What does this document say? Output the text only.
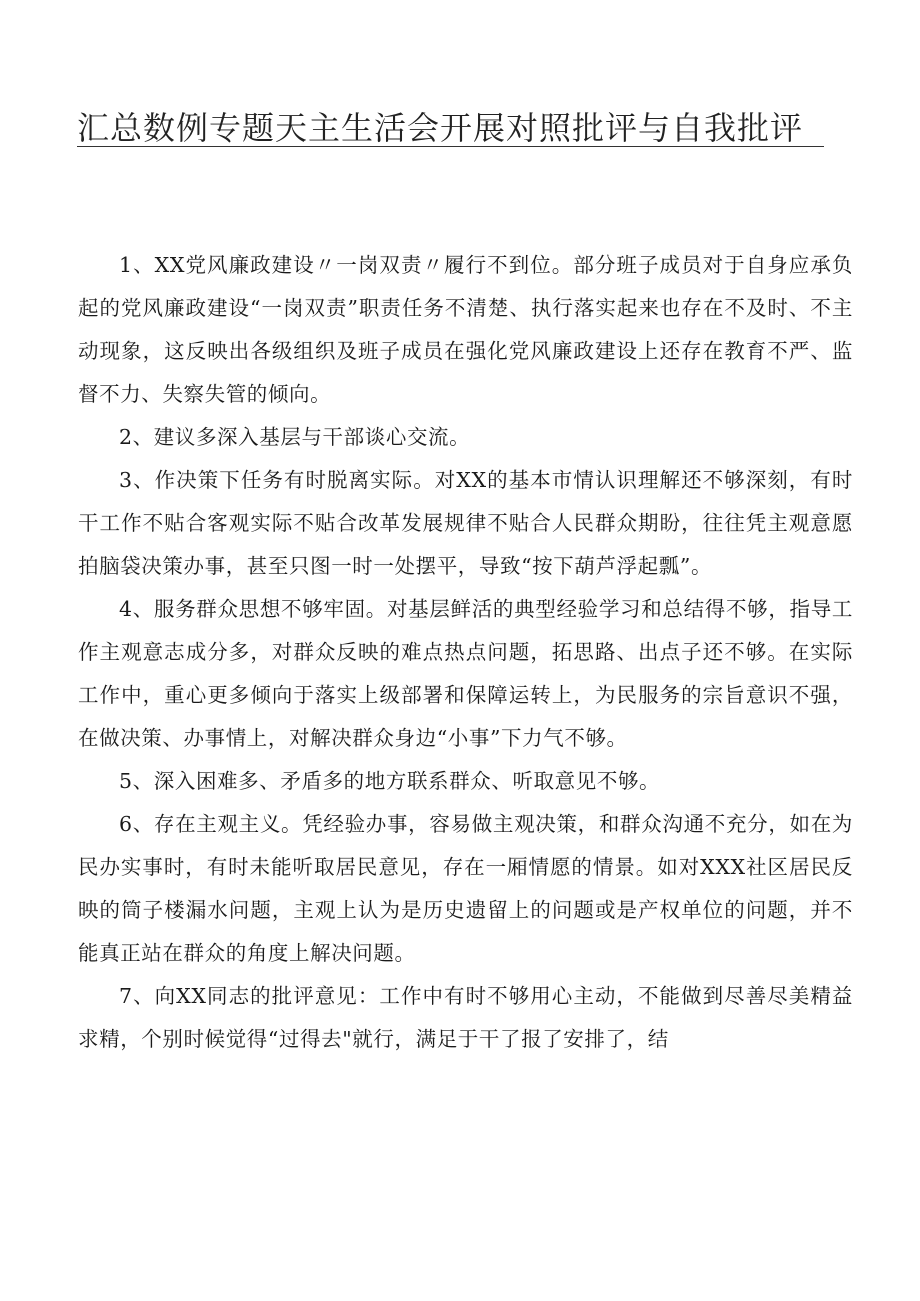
汇总数例专题天主生活会开展对照批评与自我批评

1、XX党风廉政建设〃一岗双责〃履行不到位。部分班子成员对于自身应承负起的党风廉政建设“一岗双责”职责任务不清楚、执行落实起来也存在不及时、不主动现象，这反映出各级组织及班子成员在强化党风廉政建设上还存在教育不严、监督不力、失察失管的倾向。

2、建议多深入基层与干部谈心交流。

3、作决策下任务有时脱离实际。对XX的基本市情认识理解还不够深刻，有时干工作不贴合客观实际不贴合改革发展规律不贴合人民群众期盼，往往凭主观意愿拍脑袋决策办事，甚至只图一时一处摆平，导致“按下葫芦浮起瓢”。

4、服务群众思想不够牢固。对基层鲜活的典型经验学习和总结得不够，指导工作主观意志成分多，对群众反映的难点热点问题，拓思路、出点子还不够。在实际工作中，重心更多倾向于落实上级部署和保障运转上，为民服务的宗旨意识不强，在做决策、办事情上，对解决群众身边“小事”下力气不够。

5、深入困难多、矛盾多的地方联系群众、听取意见不够。

6、存在主观主义。凭经验办事，容易做主观决策，和群众沟通不充分，如在为民办实事时，有时未能听取居民意见，存在一厢情愿的情景。如对XXX社区居民反映的筒子楼漏水问题，主观上认为是历史遗留上的问题或是产权单位的问题，并不能真正站在群众的角度上解决问题。

7、向XX同志的批评意见：工作中有时不够用心主动，不能做到尽善尽美精益求精，个别时候觉得“过得去"就行，满足于干了报了安排了，结
